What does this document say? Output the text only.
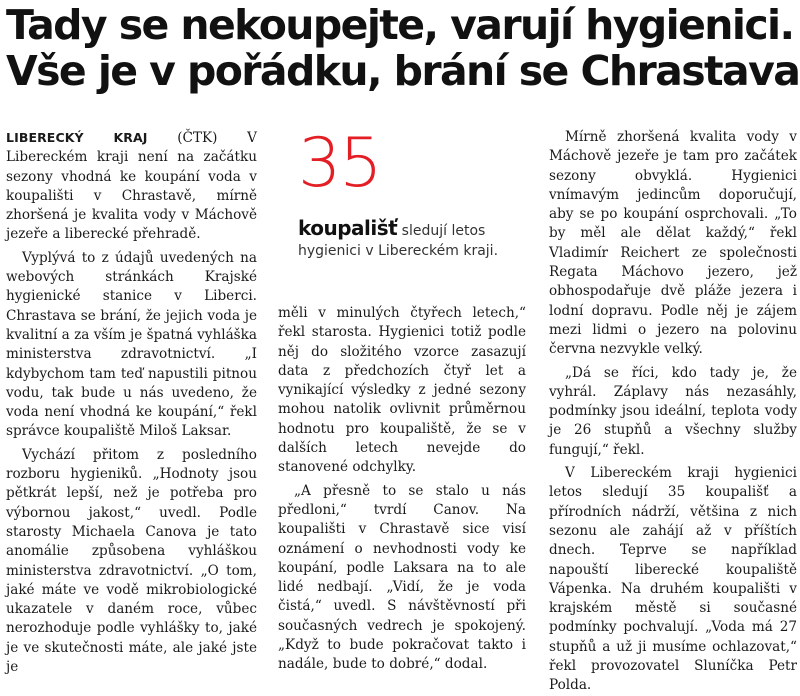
Tady se nekoupejte, varují hygienici.
Vše je v pořádku, brání se Chrastava

LIBERECKÝ KRAJ (ČTK) V Libereckém kraji není na začátku sezony vhodná ke koupání voda v koupališti v Chrastavě, mírně zhoršená je kvalita vody v Máchově jezeře a liberecké přehradě.

Vyplývá to z údajů uvedených na webových stránkách Krajské hygienické stanice v Liberci. Chrastava se brání, že jejich voda je kvalitní a za vším je špatná vyhláška ministerstva zdravotnictví. „I kdybychom tam teď napustili pitnou vodu, tak bude u nás uvedeno, že voda není vhodná ke koupání,“ řekl správce koupaliště Miloš Laksar.

Vychází přitom z posledního rozboru hygieniků. „Hodnoty jsou pětkrát lepší, než je potřeba pro výbornou jakost,“ uvedl. Podle starosty Michaela Canova je tato anomálie způsobena vyhláškou ministerstva zdravotnictví. „O tom, jaké máte ve vodě mikrobiologické ukazatele v daném roce, vůbec nerozhoduje podle vyhlášky to, jaké je ve skutečnosti máte, ale jaké jste je

35
koupališť sledují letos
hygienici v Libereckém kraji.

měli v minulých čtyřech letech,“ řekl starosta. Hygienici totiž podle něj do složitého vzorce zasazují data z předchozích čtyř let a vynikající výsledky z jedné sezony mohou natolik ovlivnit průměrnou hodnotu pro koupaliště, že se v dalších letech nevejde do stanovené odchylky.

„A přesně to se stalo u nás předloni,“ tvrdí Canov. Na koupališti v Chrastavě sice visí oznámení o nevhodnosti vody ke koupání, podle Laksara na to ale lidé nedbají. „Vidí, že je voda čistá,“ uvedl. S návštěvností při současných vedrech je spokojený. „Když to bude pokračovat takto i nadále, bude to dobré,“ dodal.

Mírně zhoršená kvalita vody v Máchově jezeře je tam pro začátek sezony obvyklá. Hygienici vnímavým jedincům doporučují, aby se po koupání osprchovali. „To by měl ale dělat každý,“ řekl Vladimír Reichert ze společnosti Regata Máchovo jezero, jež obhospodařuje dvě pláže jezera i lodní dopravu. Podle něj je zájem mezi lidmi o jezero na polovinu června nezvykle velký.

„Dá se říci, kdo tady je, že vyhrál. Záplavy nás nezasáhly, podmínky jsou ideální, teplota vody je 26 stupňů a všechny služby fungují,“ řekl.

V Libereckém kraji hygienici letos sledují 35 koupališť a přírodních nádrží, většina z nich sezonu ale zahájí až v příštích dnech. Teprve se například napouští liberecké koupaliště Vápenka. Na druhém koupališti v krajském městě si současné podmínky pochvalují. „Voda má 27 stupňů a už ji musíme ochlazovat,“ řekl provozovatel Sluníčka Petr Polda.
